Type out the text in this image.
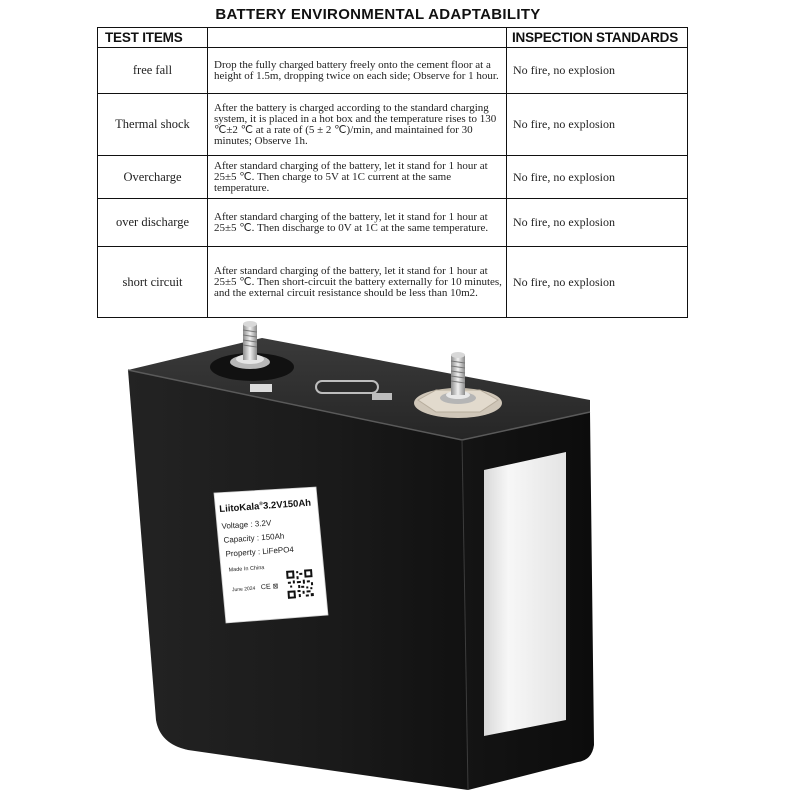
BATTERY ENVIRONMENTAL ADAPTABILITY
TEST ITEMS		INSPECTION STANDARDS
free fall	Drop the fully charged battery freely onto the cement floor at a height of 1.5m, dropping twice on each side; Observe for 1 hour.	No fire, no explosion
Thermal shock	After the battery is charged according to the standard charging system, it is placed in a hot box and the temperature rises to 130 ℃±2 ℃ at a rate of (5 ± 2 ℃)/min, and maintained for 30 minutes; Observe 1h.	No fire, no explosion
Overcharge	After standard charging of the battery, let it stand for 1 hour at 25±5 ℃. Then charge to 5V at 1C current at the same temperature.	No fire, no explosion
over discharge	After standard charging of the battery, let it stand for 1 hour at 25±5 ℃. Then discharge to 0V at 1C at the same temperature.	No fire, no explosion
short circuit	After standard charging of the battery, let it stand for 1 hour at 25±5 ℃. Then short-circuit the battery externally for 10 minutes, and the external circuit resistance should be less than 10m2.	No fire, no explosion
LiitoKala®3.2V150Ah
Voltage : 3.2V
Capacity : 150Ah
Property : LiFePO4
Made In China
June 2024 CE ⊠
